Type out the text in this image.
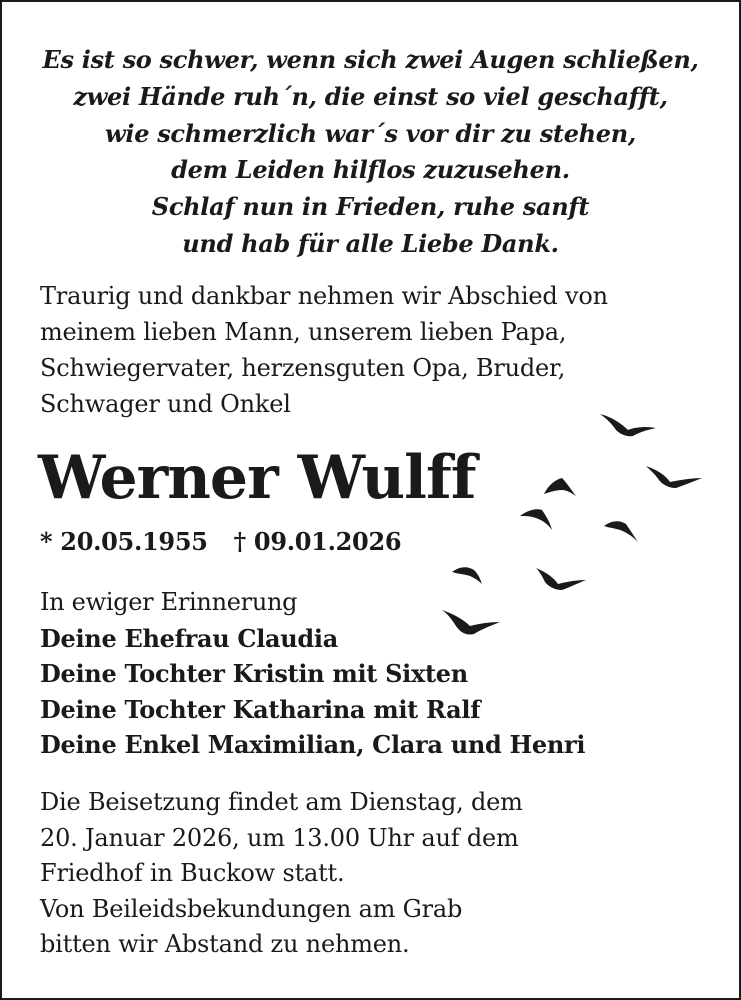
Es ist so schwer, wenn sich zwei Augen schließen,
zwei Hände ruh´n, die einst so viel geschafft,
wie schmerzlich war´s vor dir zu stehen,
dem Leiden hilflos zuzusehen.
Schlaf nun in Frieden, ruhe sanft
und hab für alle Liebe Dank.
Traurig und dankbar nehmen wir Abschied von
meinem lieben Mann, unserem lieben Papa,
Schwiegervater, herzensguten Opa, Bruder,
Schwager und Onkel
Werner Wulff
* 20.05.1955 † 09.01.2026
In ewiger Erinnerung
Deine Ehefrau Claudia
Deine Tochter Kristin mit Sixten
Deine Tochter Katharina mit Ralf
Deine Enkel Maximilian, Clara und Henri
Die Beisetzung findet am Dienstag, dem
20. Januar 2026, um 13.00 Uhr auf dem
Friedhof in Buckow statt.
Von Beileidsbekundungen am Grab
bitten wir Abstand zu nehmen.
